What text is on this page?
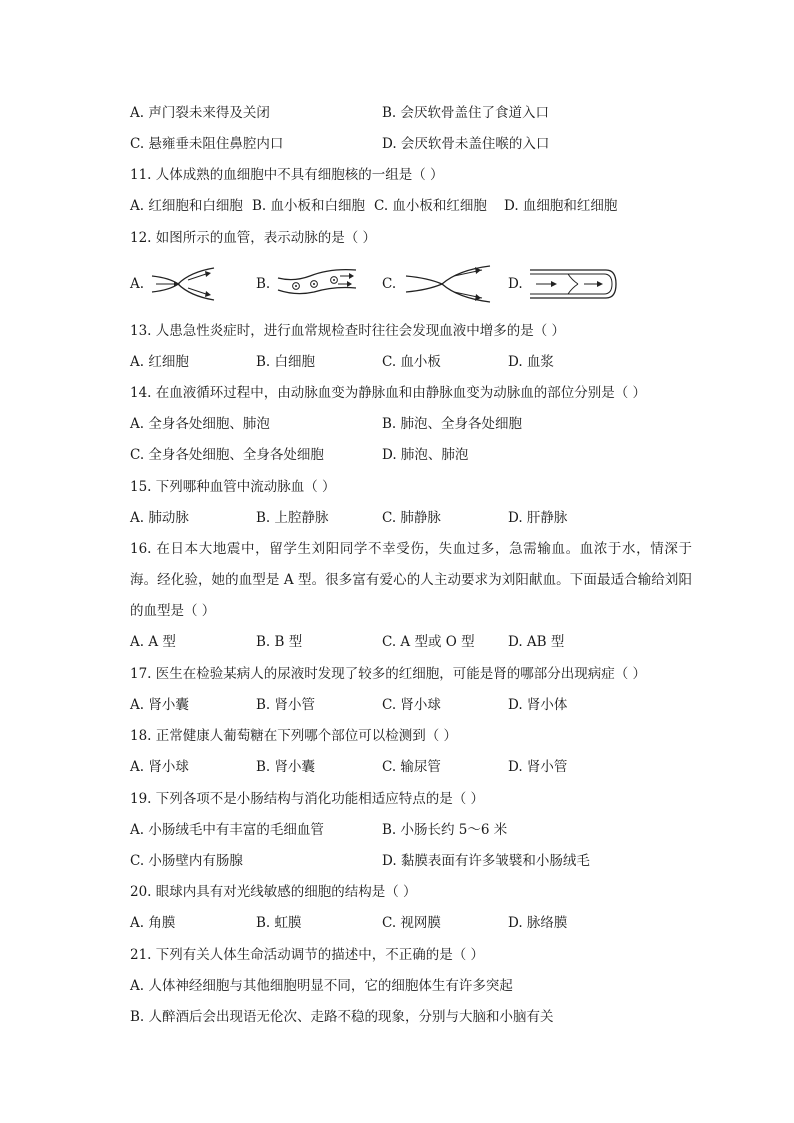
A. 声门裂未来得及关闭	B. 会厌软骨盖住了食道入口
C. 悬雍垂未阻住鼻腔内口	D. 会厌软骨未盖住喉的入口
11. 人体成熟的血细胞中不具有细胞核的一组是（ ）
A. 红细胞和白细胞 B. 血小板和白细胞 C. 血小板和红细胞 D. 血细胞和红细胞
12. 如图所示的血管，表示动脉的是（ ）
A.	B.	C.	D.
13. 人患急性炎症时，进行血常规检查时往往会发现血液中增多的是（ ）
A. 红细胞	B. 白细胞	C. 血小板	D. 血浆
14. 在血液循环过程中，由动脉血变为静脉血和由静脉血变为动脉血的部位分别是（ ）
A. 全身各处细胞、肺泡	B. 肺泡、全身各处细胞
C. 全身各处细胞、全身各处细胞	D. 肺泡、肺泡
15. 下列哪种血管中流动脉血（ ）
A. 肺动脉	B. 上腔静脉	C. 肺静脉	D. 肝静脉
16. 在日本大地震中，留学生刘阳同学不幸受伤，失血过多，急需输血。血浓于水，情深于海。经化验，她的血型是 A 型。很多富有爱心的人主动要求为刘阳献血。下面最适合输给刘阳的血型是（ ）
A. A 型	B. B 型	C. A 型或 O 型 D. AB 型
17. 医生在检验某病人的尿液时发现了较多的红细胞，可能是肾的哪部分出现病症（ ）
A. 肾小囊	B. 肾小管	C. 肾小球	D. 肾小体
18. 正常健康人葡萄糖在下列哪个部位可以检测到（ ）
A. 肾小球	B. 肾小囊	C. 输尿管	D. 肾小管
19. 下列各项不是小肠结构与消化功能相适应特点的是（ ）
A. 小肠绒毛中有丰富的毛细血管	B. 小肠长约 5～6 米
C. 小肠壁内有肠腺	D. 黏膜表面有许多皱襞和小肠绒毛
20. 眼球内具有对光线敏感的细胞的结构是（ ）
A. 角膜	B. 虹膜	C. 视网膜	D. 脉络膜
21. 下列有关人体生命活动调节的描述中，不正确的是（ ）
A. 人体神经细胞与其他细胞明显不同，它的细胞体生有许多突起
B. 人醉酒后会出现语无伦次、走路不稳的现象，分别与大脑和小脑有关
